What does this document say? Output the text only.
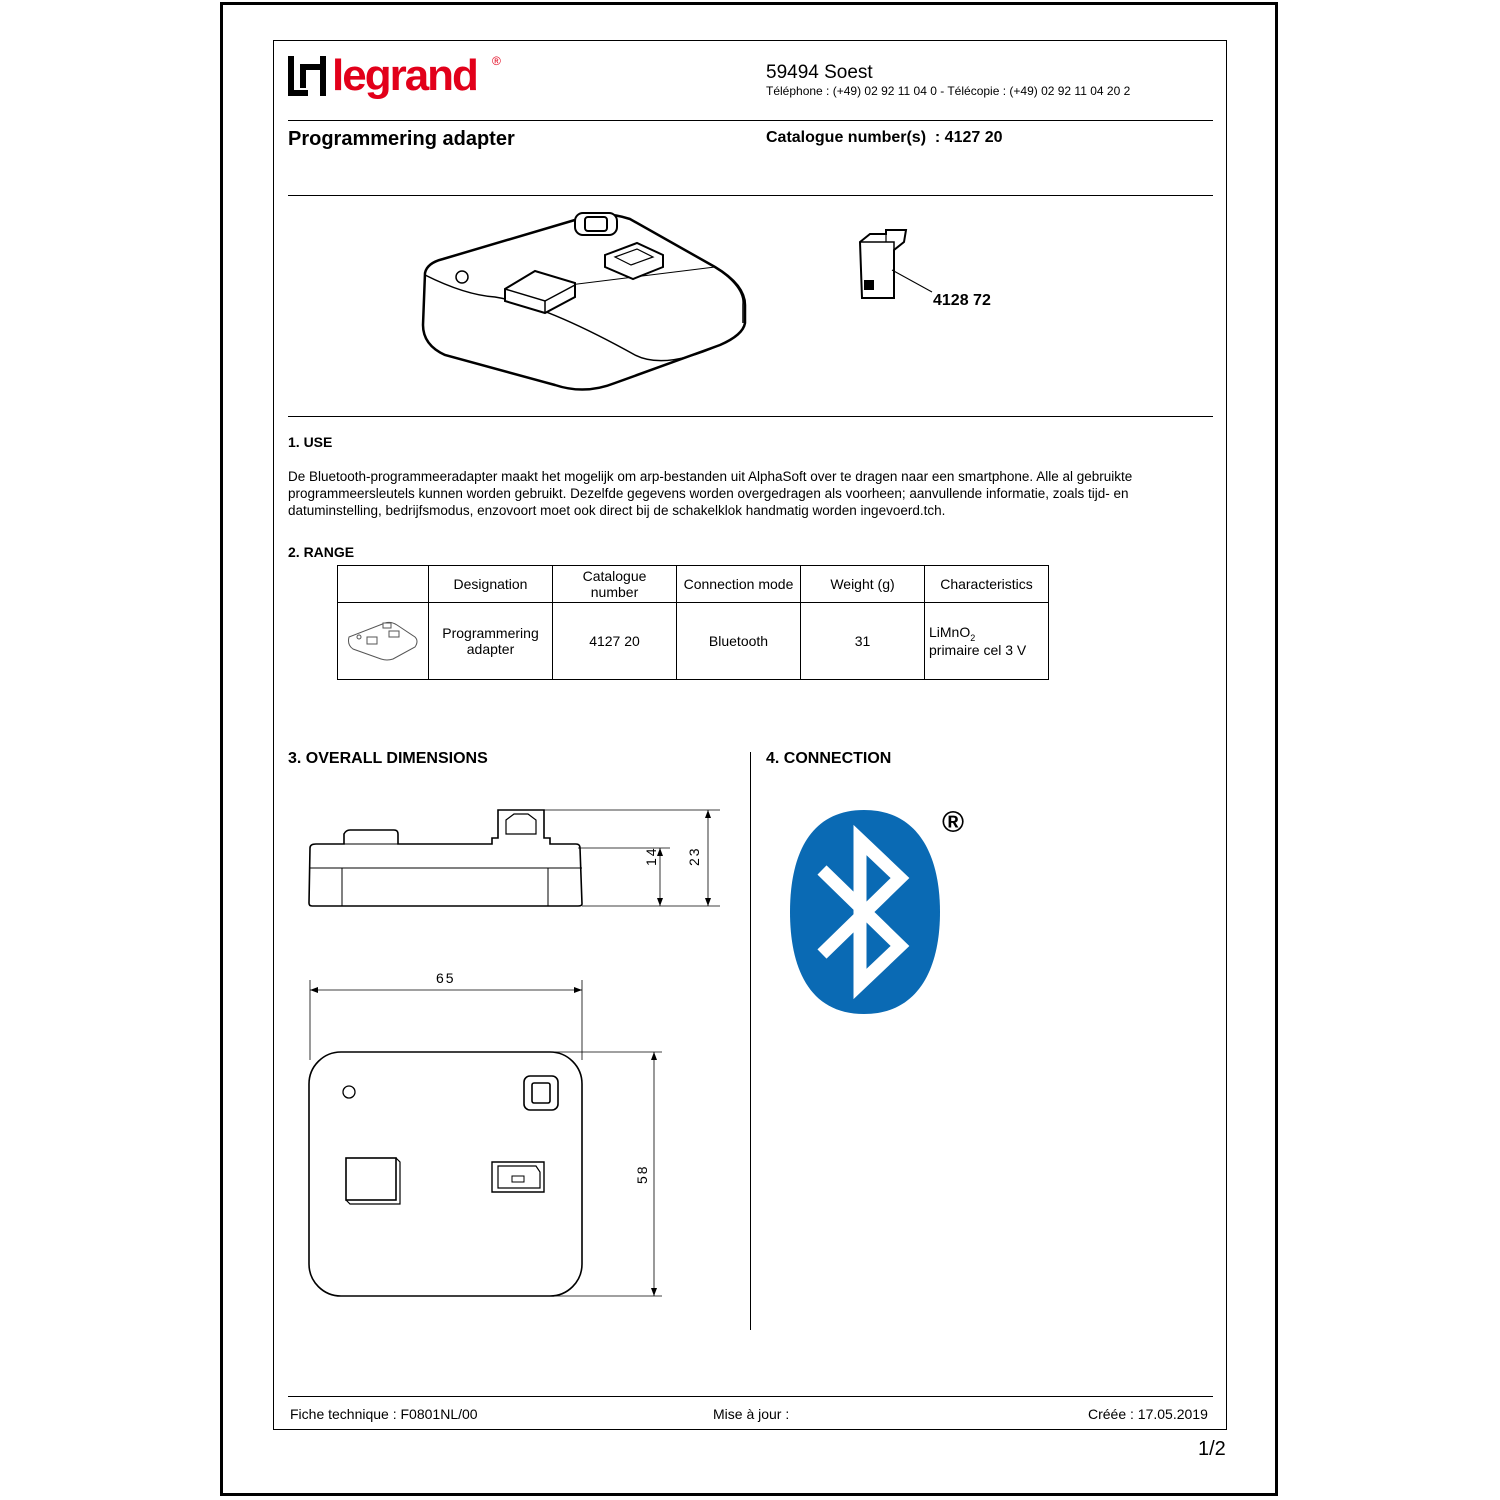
legrand ®
59494 Soest
Téléphone : (+49) 02 92 11 04 0 - Télécopie : (+49) 02 92 11 04 20 2
Programmering adapter	Catalogue number(s)  : 4127 20
4128 72
1. USE
De Bluetooth-programmeeradapter maakt het mogelijk om arp-bestanden uit AlphaSoft over te dragen naar een smartphone. Alle al gebruikte programmeersleutels kunnen worden gebruikt. Dezelfde gegevens worden overgedragen als voorheen; aanvullende informatie, zoals tijd- en datuminstelling, bedrijfsmodus, enzovoort moet ook direct bij de schakelklok handmatig worden ingevoerd.tch.
2. RANGE
	Designation	Catalogue number	Connection mode	Weight (g)	Characteristics
	Programmering adapter	4127 20	Bluetooth	31	LiMnO$_2$
primaire cel 3 V
3. OVERALL DIMENSIONS
14 23
65
58
4. CONNECTION
®
Fiche technique : F0801NL/00	Mise à jour :	Créée : 17.05.2019
1/2
